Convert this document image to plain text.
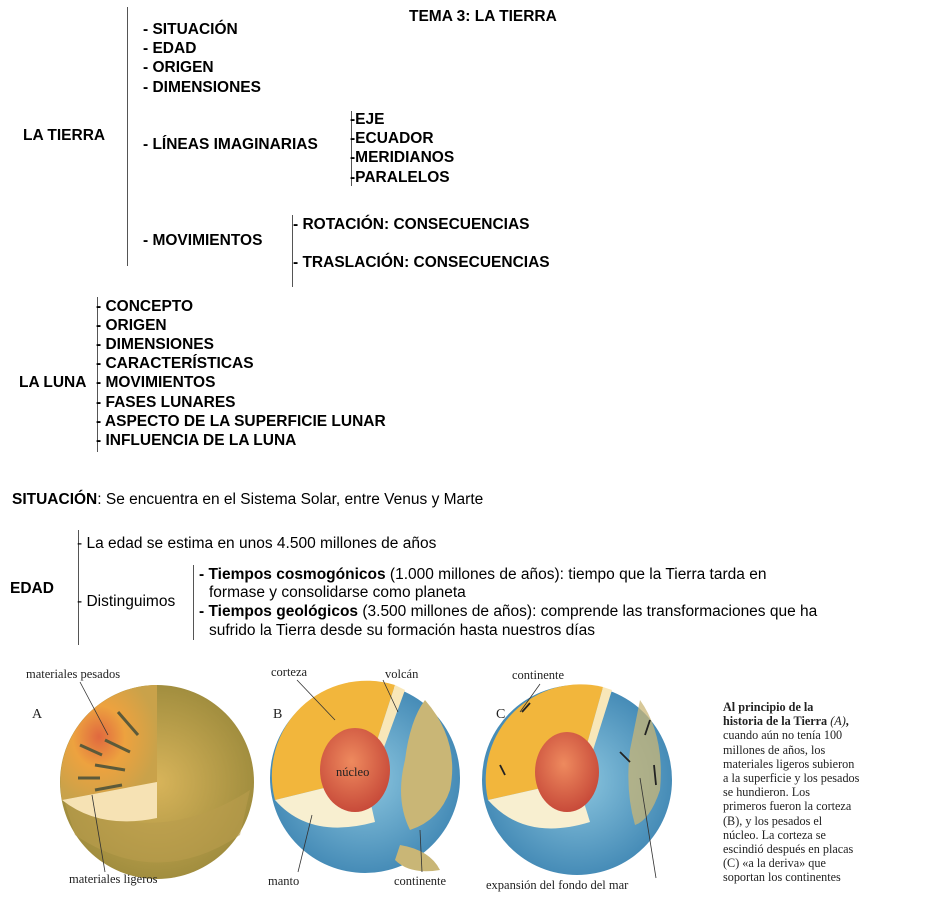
TEMA 3: LA TIERRA
LA TIERRA
- SITUACIÓN
- EDAD
- ORIGEN
- DIMENSIONES
- LÍNEAS IMAGINARIAS
-EJE
-ECUADOR
-MERIDIANOS
-PARALELOS
- MOVIMIENTOS
- ROTACIÓN: CONSECUENCIAS
- TRASLACIÓN: CONSECUENCIAS
LA LUNA
- CONCEPTO
- ORIGEN
- DIMENSIONES
- CARACTERÍSTICAS
- MOVIMIENTOS
- FASES LUNARES
- ASPECTO DE LA SUPERFICIE LUNAR
- INFLUENCIA DE LA LUNA
SITUACIÓN: Se encuentra en el Sistema Solar, entre Venus y Marte
EDAD
- La edad se estima en unos 4.500 millones de años
- Distinguimos
- Tiempos cosmogónicos (1.000 millones de años): tiempo que la Tierra tarda en
formase y consolidarse como planeta
- Tiempos geológicos (3.500 millones de años): comprende las transformaciones que ha
sufrido la Tierra desde su formación hasta nuestros días
materiales pesados
A
materiales ligeros
corteza	volcán
B
núcleo
manto	continente
continente
C
expansión del fondo del mar
Al principio de la historia de la Tierra (A),
cuando aún no tenía 100
millones de años, los
materiales ligeros subieron
a la superficie y los pesados
se hundieron. Los
primeros fueron la corteza
(B), y los pesados el
núcleo. La corteza se
escindió después en placas
(C) «a la deriva» que
soportan los continentes
